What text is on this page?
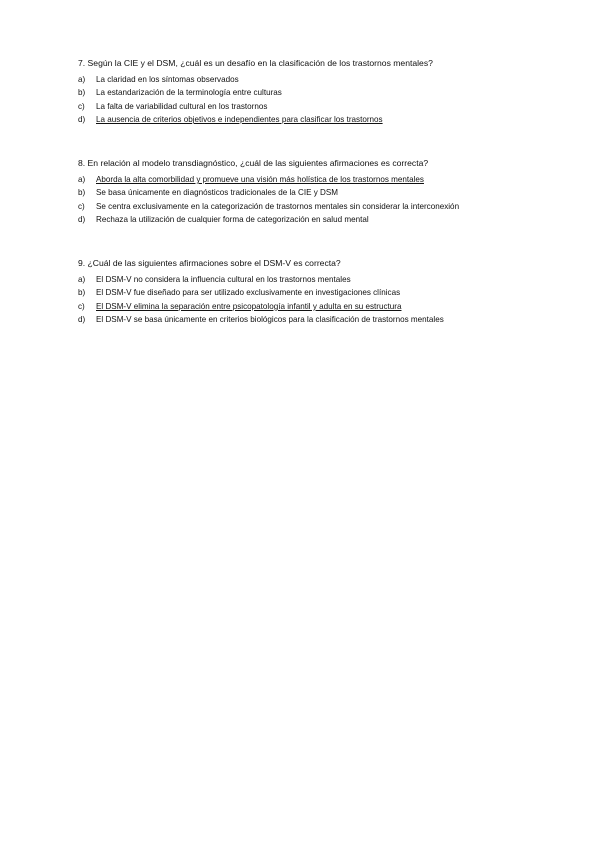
7. Según la CIE y el DSM, ¿cuál es un desafío en la clasificación de los trastornos mentales?
a)	La claridad en los síntomas observados
b)	La estandarización de la terminología entre culturas
c)	La falta de variabilidad cultural en los trastornos
d)	La ausencia de criterios objetivos e independientes para clasificar los trastornos
8. En relación al modelo transdiagnóstico, ¿cuál de las siguientes afirmaciones es correcta?
a)	Aborda la alta comorbilidad y promueve una visión más holística de los trastornos mentales
b)	Se basa únicamente en diagnósticos tradicionales de la CIE y DSM
c)	Se centra exclusivamente en la categorización de trastornos mentales sin considerar la interconexión
d)	Rechaza la utilización de cualquier forma de categorización en salud mental
9. ¿Cuál de las siguientes afirmaciones sobre el DSM-V es correcta?
a)	El DSM-V no considera la influencia cultural en los trastornos mentales
b)	El DSM-V fue diseñado para ser utilizado exclusivamente en investigaciones clínicas
c)	El DSM-V elimina la separación entre psicopatología infantil y adulta en su estructura
d)	El DSM-V se basa únicamente en criterios biológicos para la clasificación de trastornos mentales
